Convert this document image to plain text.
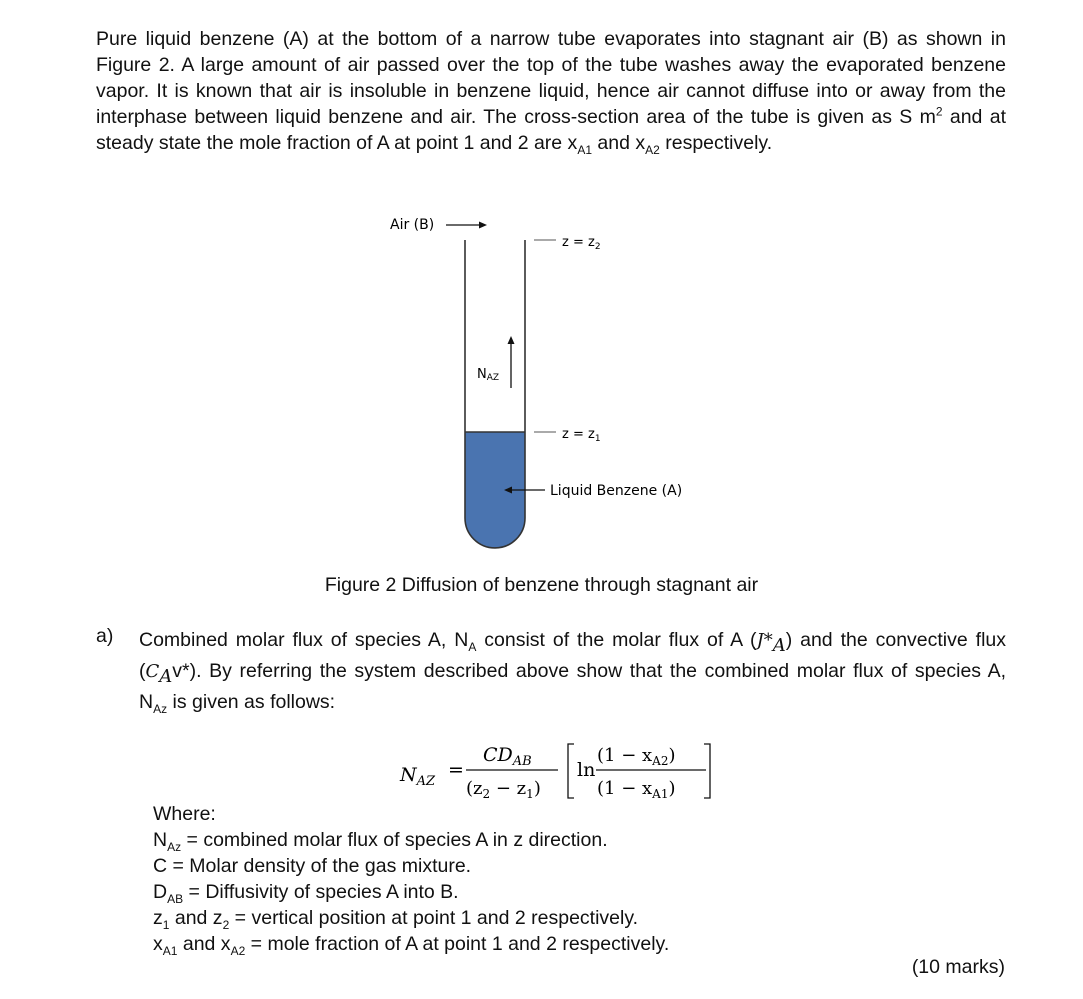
Pure liquid benzene (A) at the bottom of a narrow tube evaporates into stagnant air (B) as shown in Figure 2. A large amount of air passed over the top of the tube washes away the evaporated benzene vapor. It is known that air is insoluble in benzene liquid, hence air cannot diffuse into or away from the interphase between liquid benzene and air. The cross-section area of the tube is given as S $m^2$ and at steady state the mole fraction of A at point 1 and 2 are $x_{A1}$ and $x_{A2}$ respectively.

Air (B)
$z = z_2$
NAZ
$z = z_1$
Liquid Benzene (A)
Figure 2 Diffusion of benzene through stagnant air
a) Combined molar flux of species A, $N_A$ consist of the molar flux of A $(J*_A)$ and the convective flux $(C_Av*)$. By referring the system described above show that the combined molar flux of species A, $N_{Az}$ is given as follows:
$N_{AZ}$
=
$CD_{AB}$
$(z_2 - z_1)$
ln
$(1 - x_{A2})$
$(1 - x_{A1})$
Where:
$N_{Az}$ = combined molar flux of species A in z direction.
C = Molar density of the gas mixture.
$D_{AB}$ = Diffusivity of species A into B.
$z_1$ and $z_2$ = vertical position at point 1 and 2 respectively.
$x_{A1}$ and $x_{A2}$ = mole fraction of A at point 1 and 2 respectively.
(10 marks)
